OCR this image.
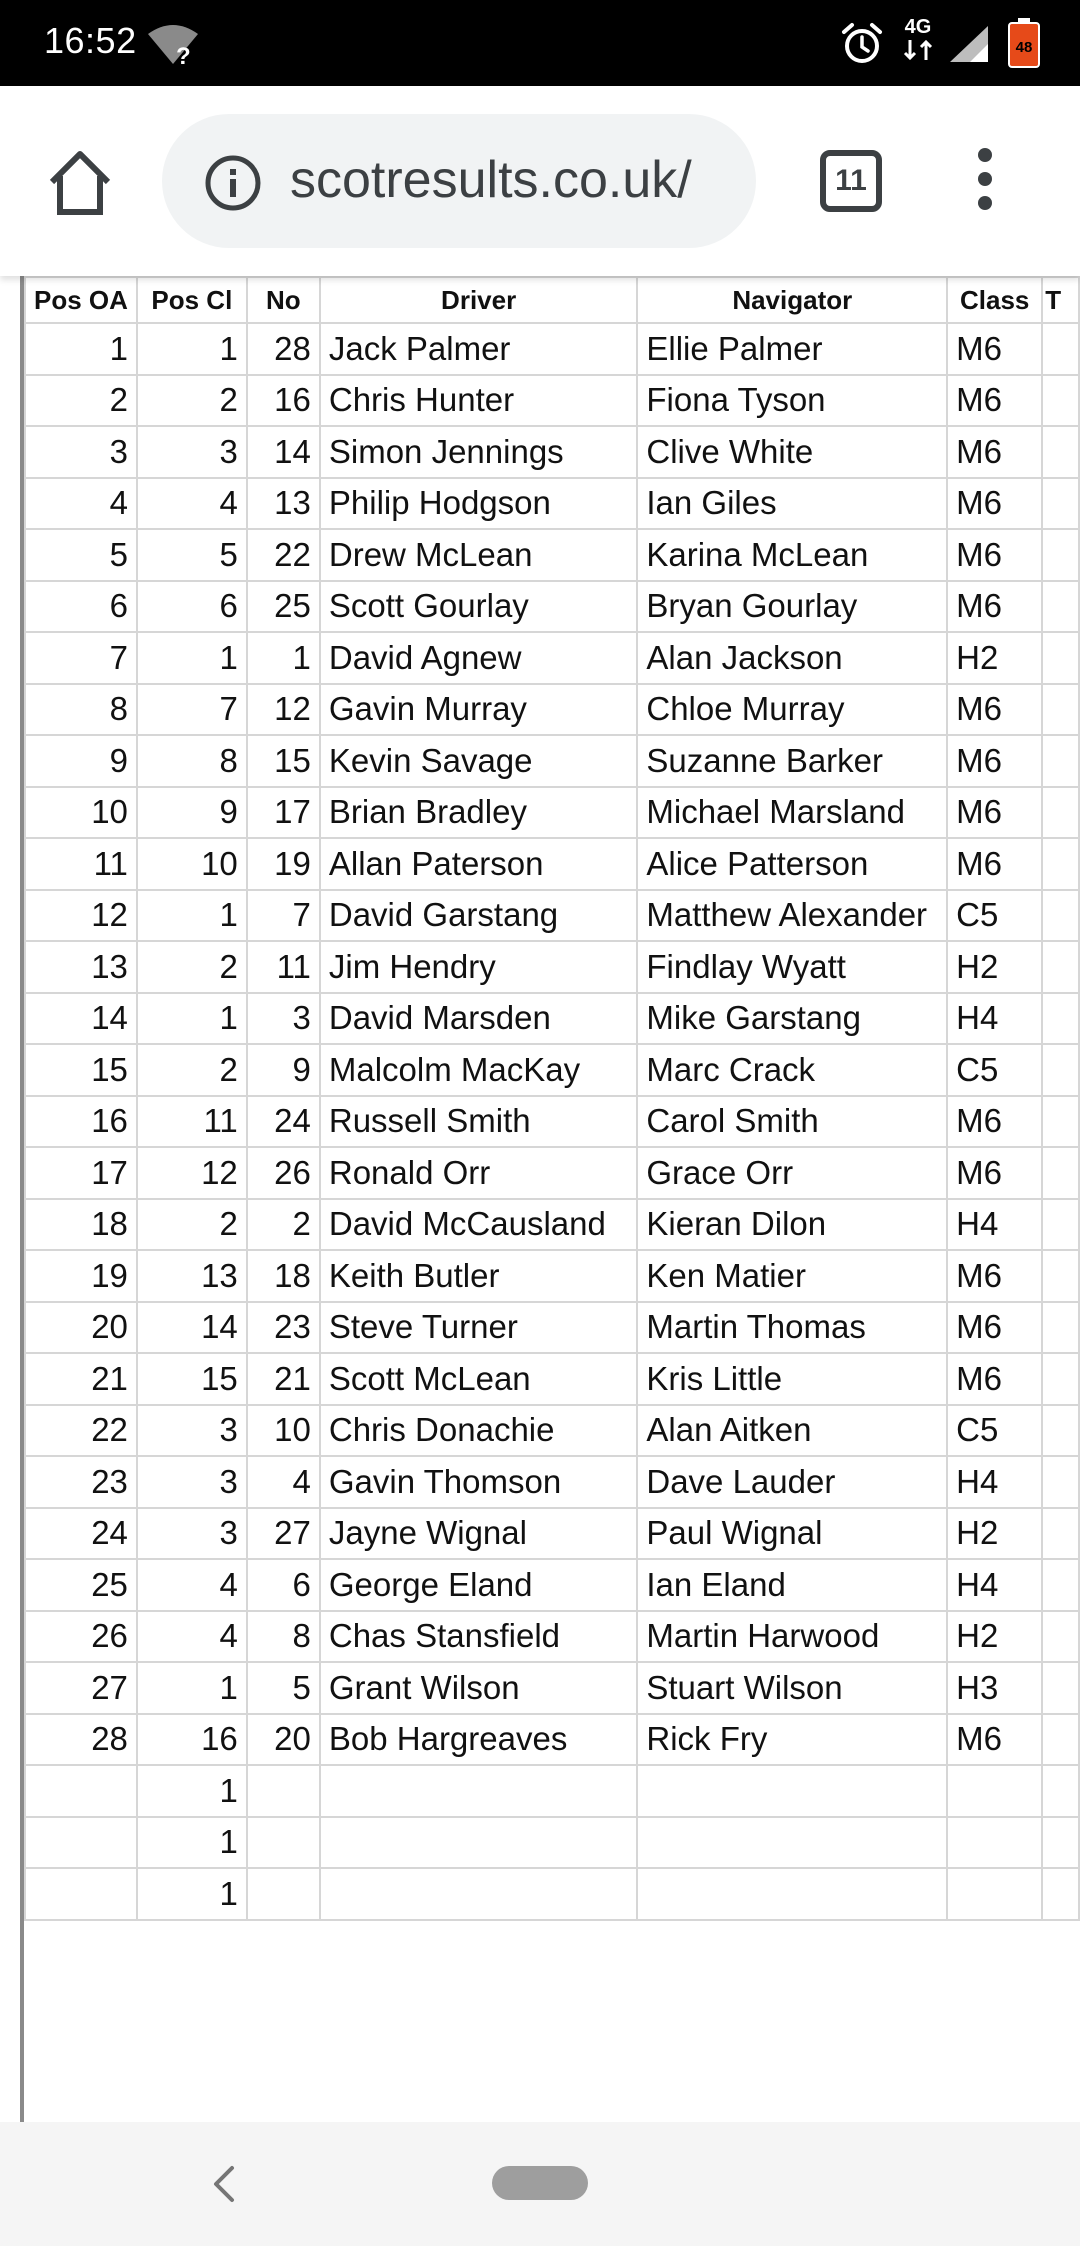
16:52 ?
4G
48
scotresults.co.uk/	11
Pos OA	Pos Cl	No	Driver	Navigator	Class	T
1	1	28	Jack Palmer	Ellie Palmer	M6	
2	2	16	Chris Hunter	Fiona Tyson	M6	
3	3	14	Simon Jennings	Clive White	M6	
4	4	13	Philip Hodgson	Ian Giles	M6	
5	5	22	Drew McLean	Karina McLean	M6	
6	6	25	Scott Gourlay	Bryan Gourlay	M6	
7	1	1	David Agnew	Alan Jackson	H2	
8	7	12	Gavin Murray	Chloe Murray	M6	
9	8	15	Kevin Savage	Suzanne Barker	M6	
10	9	17	Brian Bradley	Michael Marsland	M6	
11	10	19	Allan Paterson	Alice Patterson	M6	
12	1	7	David Garstang	Matthew Alexander	C5	
13	2	11	Jim Hendry	Findlay Wyatt	H2	
14	1	3	David Marsden	Mike Garstang	H4	
15	2	9	Malcolm MacKay	Marc Crack	C5	
16	11	24	Russell Smith	Carol Smith	M6	
17	12	26	Ronald Orr	Grace Orr	M6	
18	2	2	David McCausland	Kieran Dilon	H4	
19	13	18	Keith Butler	Ken Matier	M6	
20	14	23	Steve Turner	Martin Thomas	M6	
21	15	21	Scott McLean	Kris Little	M6	
22	3	10	Chris Donachie	Alan Aitken	C5	
23	3	4	Gavin Thomson	Dave Lauder	H4	
24	3	27	Jayne Wignal	Paul Wignal	H2	
25	4	6	George Eland	Ian Eland	H4	
26	4	8	Chas Stansfield	Martin Harwood	H2	
27	1	5	Grant Wilson	Stuart Wilson	H3	
28	16	20	Bob Hargreaves	Rick Fry	M6	
	1					
	1					
	1					
